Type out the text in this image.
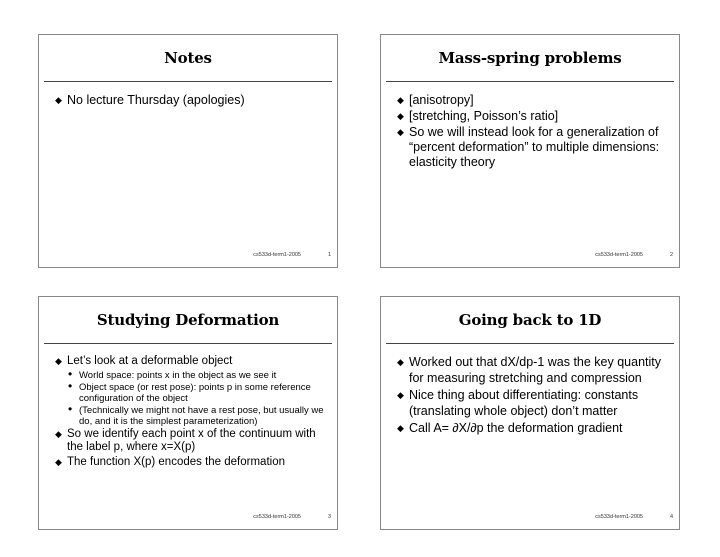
Notes
◆ No lecture Thursday (apologies)
cs533d-term1-2005	1
Mass-spring problems
◆ [anisotropy]
◆ [stretching, Poisson’s ratio]
◆ So we will instead look for a generalization of “percent deformation” to multiple dimensions: elasticity theory
cs533d-term1-2005	2
Studying Deformation
◆ Let’s look at a deformable object
• World space: points x in the object as we see it
• Object space (or rest pose): points p in some reference configuration of the object
• (Technically we might not have a rest pose, but usually we do, and it is the simplest parameterization)
◆ So we identify each point x of the continuum with the label p, where x=X(p)
◆ The function X(p) encodes the deformation
cs533d-term1-2005	3
Going back to 1D
◆ Worked out that dX/dp-1 was the key quantity for measuring stretching and compression
◆ Nice thing about differentiating: constants (translating whole object) don’t matter
◆ Call A= ∂X/∂p the deformation gradient
cs533d-term1-2005	4
